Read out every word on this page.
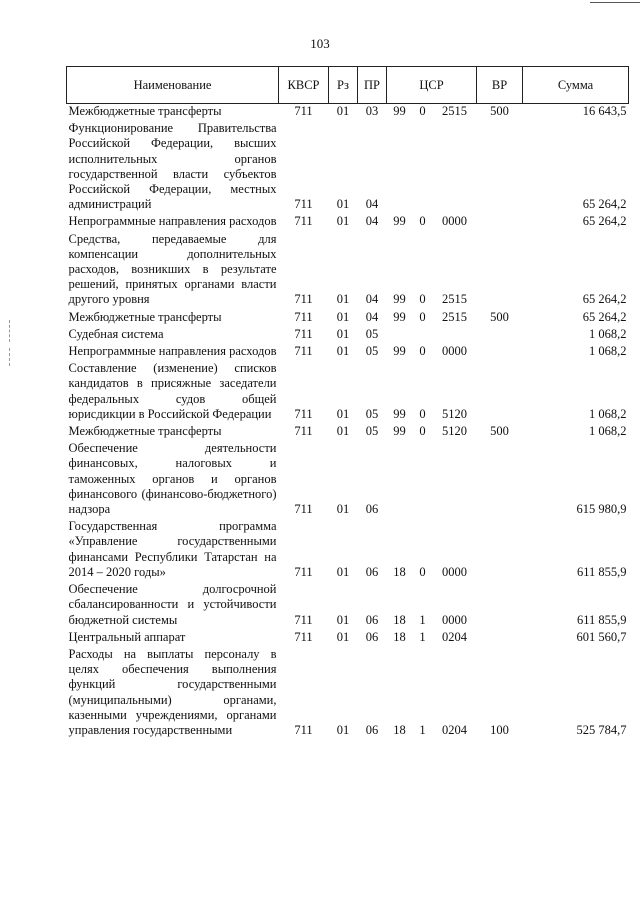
103
Наименование	КВСР	Рз	ПР	ЦСР			ВР	Сумма
Межбюджетные трансферты	711	01	03	99	0	2515	500	16 643,5
Функционирование Правительства Российской Федерации, высших исполнительных органов государственной власти субъектов Российской Федерации, местных администраций	711	01	04					65 264,2
Непрограммные направления расходов	711	01	04	99	0	0000		65 264,2
Средства, передаваемые для компенсации дополнительных расходов, возникших в результате решений, принятых органами власти другого уровня	711	01	04	99	0	2515		65 264,2
Межбюджетные трансферты	711	01	04	99	0	2515	500	65 264,2
Судебная система	711	01	05					1 068,2
Непрограммные направления расходов	711	01	05	99	0	0000		1 068,2
Составление (изменение) списков кандидатов в присяжные заседатели федеральных судов общей юрисдикции в Российской Федерации	711	01	05	99	0	5120		1 068,2
Межбюджетные трансферты	711	01	05	99	0	5120	500	1 068,2
Обеспечение деятельности финансовых, налоговых и таможенных органов и органов финансового (финансово-бюджетного) надзора	711	01	06					615 980,9
Государственная программа «Управление государственными финансами Республики Татарстан на 2014 – 2020 годы»	711	01	06	18	0	0000		611 855,9
Обеспечение долгосрочной сбалансированности и устойчивости бюджетной системы	711	01	06	18	1	0000		611 855,9
Центральный аппарат	711	01	06	18	1	0204		601 560,7
Расходы на выплаты персоналу в целях обеспечения выполнения функций государственными (муниципальными) органами, казенными учреждениями, органами управления государственными	711	01	06	18	1	0204	100	525 784,7
